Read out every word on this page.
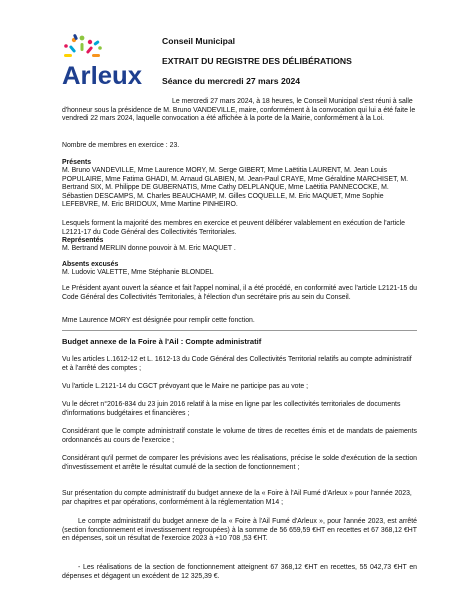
Arleux
Conseil Municipal
EXTRAIT DU REGISTRE DES DÉLIBÉRATIONS
Séance du mercredi 27 mars 2024
Le mercredi 27 mars 2024, à 18 heures, le Conseil Municipal s'est réuni à salle d'honneur sous la présidence de M. Bruno VANDEVILLE, maire, conformément à la convocation qui lui a été faite le vendredi 22 mars 2024, laquelle convocation a été affichée à la porte de la Mairie, conformément à la Loi.
Nombre de membres en exercice : 23.
Présents
M. Bruno VANDEVILLE, Mme Laurence MORY, M. Serge GIBERT, Mme Laëtitia LAURENT, M. Jean Louis POPULAIRE, Mme Fatima GHADI, M. Arnaud GLABIEN, M. Jean-Paul CRAYE, Mme Géraldine MARCHISET, M. Bertrand SIX, M. Philippe DE GUBERNATIS, Mme Cathy DELPLANQUE, Mme Laëtitia PANNECOCKE, M. Sébastien DESCAMPS, M. Charles BEAUCHAMP, M. Gilles COQUELLE, M. Eric MAQUET, Mme Sophie LEFEBVRE, M. Eric BRIDOUX, Mme Martine PINHEIRO.
Lesquels forment la majorité des membres en exercice et peuvent délibérer valablement en exécution de l'article L2121-17 du Code Général des Collectivités Territoriales.
Représentés
M. Bertrand MERLIN donne pouvoir à M. Eric MAQUET .
Absents excusés
M. Ludovic VALETTE, Mme Stéphanie BLONDEL
Le Président ayant ouvert la séance et fait l'appel nominal, il a été procédé, en conformité avec l'article L2121-15 du Code Général des Collectivités Territoriales, à l'élection d'un secrétaire pris au sein du Conseil.
Mme Laurence MORY est désignée pour remplir cette fonction.
Budget annexe de la Foire à l'Ail : Compte administratif
Vu les articles L.1612-12 et L. 1612-13 du Code Général des Collectivités Territorial relatifs au compte administratif et à l'arrêté des comptes ;
Vu l'article L.2121-14 du CGCT prévoyant que le Maire ne participe pas au vote ;
Vu le décret n°2016-834 du 23 juin 2016 relatif à la mise en ligne par les collectivités territoriales de documents d'informations budgétaires et financières ;
Considérant que le compte administratif constate le volume de titres de recettes émis et de mandats de paiements ordonnancés au cours de l'exercice ;
Considérant qu'il permet de comparer les prévisions avec les réalisations, précise le solde d'exécution de la section d'investissement et arrête le résultat cumulé de la section de fonctionnement ;
Sur présentation du compte administratif du budget annexe de la « Foire à l'Ail Fumé d'Arleux » pour l'année 2023, par chapitres et par opérations, conformément à la réglementation M14 ;
Le compte administratif du budget annexe de la « Foire à l'Ail Fumé d'Arleux », pour l'année 2023, est arrêté (section fonctionnement et investissement regroupées) à la somme de 56 659,59 €HT en recettes et 67 368,12 €HT en dépenses, soit un résultat de l'exercice 2023 à +10 708 ,53 €HT.
- Les réalisations de la section de fonctionnement atteignent 67 368,12 €HT en recettes, 55 042,73 €HT en dépenses et dégagent un excédent de 12 325,39 €.
